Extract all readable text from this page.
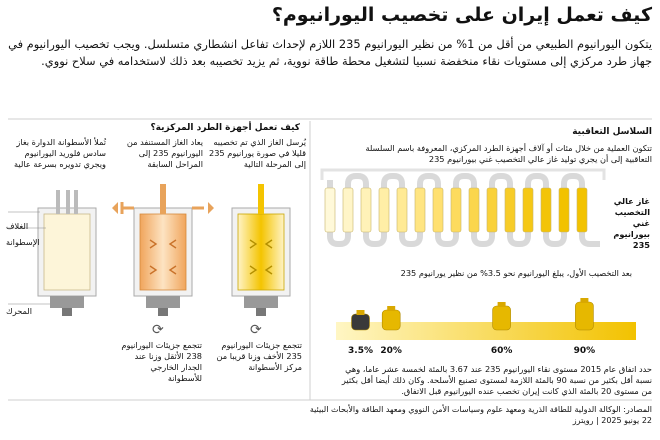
كيف تعمل إيران على تخصيب اليورانيوم؟
يتكون اليورانيوم الطبيعي من أقل من 1% من نظير اليورانيوم 235 اللازم لإحداث تفاعل انشطاري متسلسل. ويجب تخصيب اليورانيوم في جهاز طرد مركزي إلى مستويات نقاء منخفضة نسبيا لتشغيل محطة طاقة نووية، ثم يزيد تخصيبه بعد ذلك لاستخدامه في سلاح نووي.
السلاسل التعاقبية
تتكون العملية من خلال مئات أو آلاف أجهزة الطرد المركزي، المعروفة باسم السلسلة التعاقبية إلى أن يجري توليد غاز عالي التخصيب غني بيورانيوم 235
غاز عالي التخصيب غني بيورانيوم 235
بعد التخصيب الأول، يبلغ اليورانيوم نحو 3.5% من نظير يورانيوم 235
3.5% 20%	60%	90%
حدد اتفاق عام 2015 مستوى نقاء اليورانيوم 235 عند 3.67 بالمئة لخمسة عشر عاما، وهي نسبة أقل بكثير من نسبة 90 بالمئة اللازمة لمستوى تصنيع الأسلحة. وكان ذلك أيضا أقل بكثير من مستوى 20 بالمئة الذي كانت إيران تخصب عنده اليورانيوم قبل الاتفاق.
كيف تعمل أجهزة الطرد المركزية؟
تُملأ الأسطوانة الدوارة بغاز سادس فلوريد اليورانيوم ويجري تدويره بسرعة عالية
يعاد الغاز المستنفد من اليورانيوم 235 إلى المراحل السابقة
يُرسل الغاز الذي تم تخصيبه قليلا في صورة يورانيوم 235 إلى المرحلة التالية
الغلاف
الإسطوانة
المحرك
⟳	⟳
تتجمع جزيئات اليورانيوم 238 الأثقل وزنا عند الجدار الخارجي للأسطوانة
تتجمع جزيئات اليورانيوم 235 الأخف وزنا قريبا من مركز الأسطوانة
المصادر: الوكالة الدولية للطاقة الذرية ومعهد علوم وسياسات الأمن النووي ومعهد الطاقة والأبحاث البيئية
22 يونيو 2025 | رويترز
